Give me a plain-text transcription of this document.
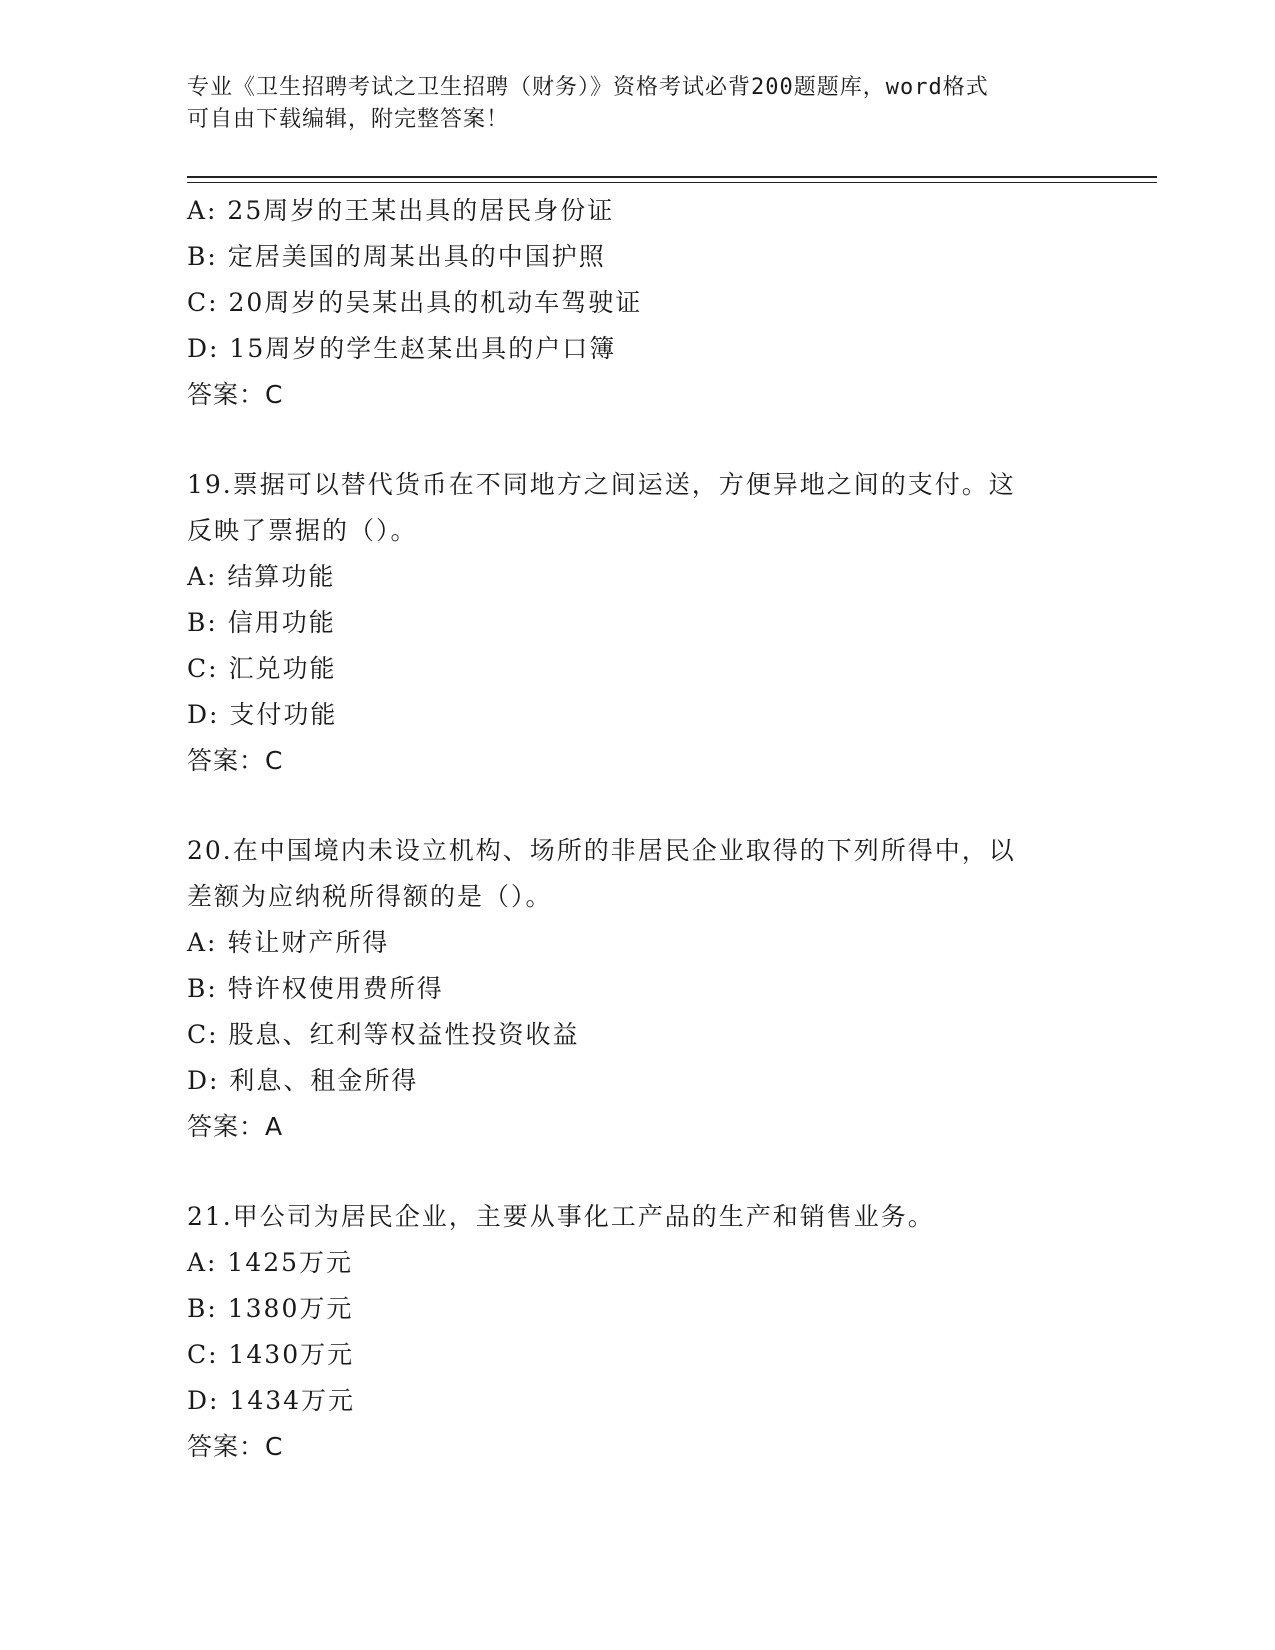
专业《卫生招聘考试之卫生招聘（财务）》资格考试必背200题题库，word格式
可自由下载编辑，附完整答案！
A: 25周岁的王某出具的居民身份证
B: 定居美国的周某出具的中国护照
C: 20周岁的吴某出具的机动车驾驶证
D: 15周岁的学生赵某出具的户口簿
答案：C
19.票据可以替代货币在不同地方之间运送，方便异地之间的支付。这
反映了票据的（）。
A: 结算功能
B: 信用功能
C: 汇兑功能
D: 支付功能
答案：C
20.在中国境内未设立机构、场所的非居民企业取得的下列所得中，以
差额为应纳税所得额的是（）。
A: 转让财产所得
B: 特许权使用费所得
C: 股息、红利等权益性投资收益
D: 利息、租金所得
答案：A
21.甲公司为居民企业，主要从事化工产品的生产和销售业务。
A: 1425万元
B: 1380万元
C: 1430万元
D: 1434万元
答案：C
